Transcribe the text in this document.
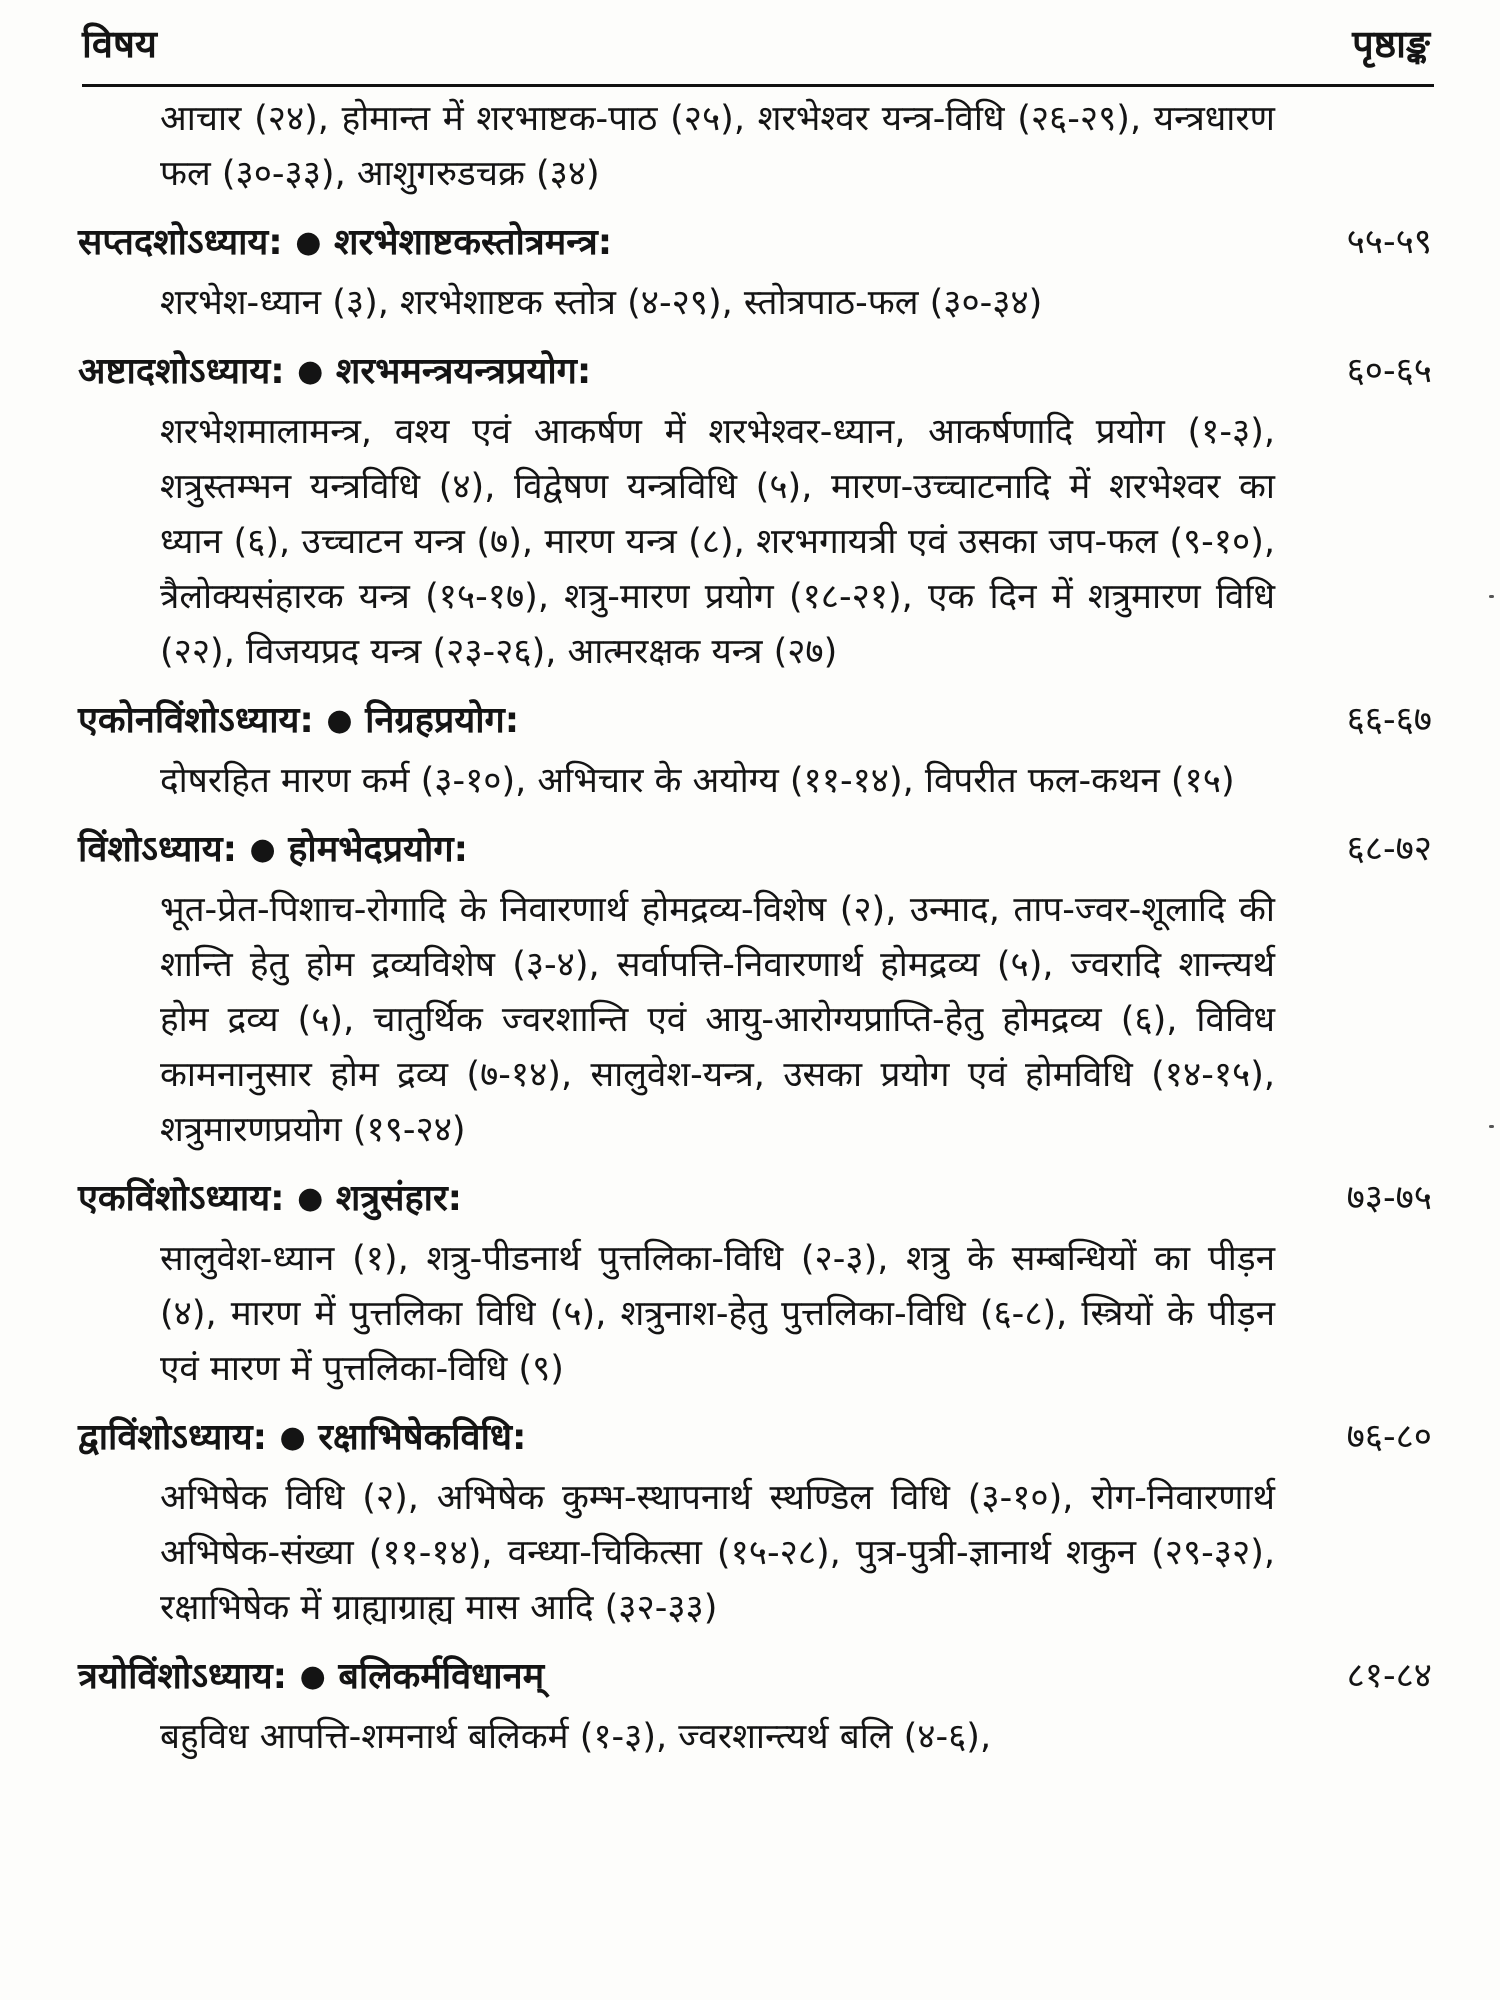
विषय	पृष्ठाङ्क
आचार (२४), होमान्त में शरभाष्टक-पाठ (२५), शरभेश्वर यन्त्र-विधि (२६-२९), यन्त्रधारण फल (३०-३३), आशुगरुडचक्र (३४)
सप्तदशोऽध्याय: ● शरभेशाष्टकस्तोत्रमन्त्र:	५५-५९
शरभेश-ध्यान (३), शरभेशाष्टक स्तोत्र (४-२९), स्तोत्रपाठ-फल (३०-३४)
अष्टादशोऽध्याय: ● शरभमन्त्रयन्त्रप्रयोग:	६०-६५
शरभेशमालामन्त्र, वश्य एवं आकर्षण में शरभेश्वर-ध्यान, आकर्षणादि प्रयोग (१-३), शत्रुस्तम्भन यन्त्रविधि (४), विद्वेषण यन्त्रविधि (५), मारण-उच्चाटनादि में शरभेश्वर का ध्यान (६), उच्चाटन यन्त्र (७), मारण यन्त्र (८), शरभगायत्री एवं उसका जप-फल (९-१०), त्रैलोक्यसंहारक यन्त्र (१५-१७), शत्रु-मारण प्रयोग (१८-२१), एक दिन में शत्रुमारण विधि (२२), विजयप्रद यन्त्र (२३-२६), आत्मरक्षक यन्त्र (२७)
एकोनविंशोऽध्याय: ● निग्रहप्रयोग:	६६-६७
दोषरहित मारण कर्म (३-१०), अभिचार के अयोग्य (११-१४), विपरीत फल-कथन (१५)
विंशोऽध्याय: ● होमभेदप्रयोग:	६८-७२
भूत-प्रेत-पिशाच-रोगादि के निवारणार्थ होमद्रव्य-विशेष (२), उन्माद, ताप-ज्वर-शूलादि की शान्ति हेतु होम द्रव्यविशेष (३-४), सर्वापत्ति-निवारणार्थ होमद्रव्य (५), ज्वरादि शान्त्यर्थ होम द्रव्य (५), चातुर्थिक ज्वरशान्ति एवं आयु-आरोग्यप्राप्ति-हेतु होमद्रव्य (६), विविध कामनानुसार होम द्रव्य (७-१४), सालुवेश-यन्त्र, उसका प्रयोग एवं होमविधि (१४-१५), शत्रुमारणप्रयोग (१९-२४)
एकविंशोऽध्याय: ● शत्रुसंहार:	७३-७५
सालुवेश-ध्यान (१), शत्रु-पीडनार्थ पुत्तलिका-विधि (२-३), शत्रु के सम्बन्धियों का पीड़न (४), मारण में पुत्तलिका विधि (५), शत्रुनाश-हेतु पुत्तलिका-विधि (६-८), स्त्रियों के पीड़न एवं मारण में पुत्तलिका-विधि (९)
द्वाविंशोऽध्याय: ● रक्षाभिषेकविधि:	७६-८०
अभिषेक विधि (२), अभिषेक कुम्भ-स्थापनार्थ स्थण्डिल विधि (३-१०), रोग-निवारणार्थ अभिषेक-संख्या (११-१४), वन्ध्या-चिकित्सा (१५-२८), पुत्र-पुत्री-ज्ञानार्थ शकुन (२९-३२), रक्षाभिषेक में ग्राह्याग्राह्य मास आदि (३२-३३)
त्रयोविंशोऽध्याय: ● बलिकर्मविधानम्	८१-८४
बहुविध आपत्ति-शमनार्थ बलिकर्म (१-३), ज्वरशान्त्यर्थ बलि (४-६),
